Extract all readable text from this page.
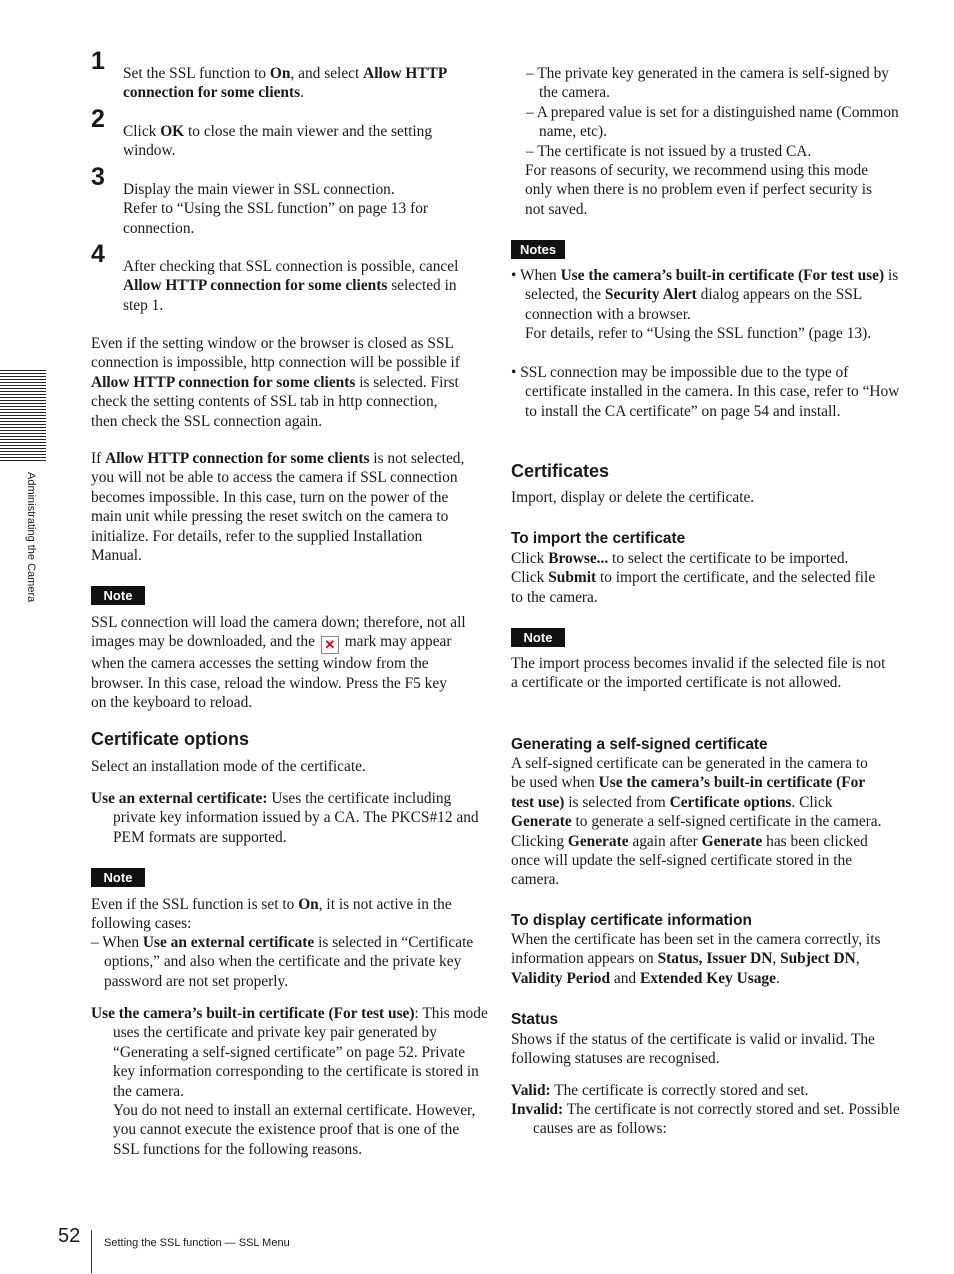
Administrating the Camera
1 Set the SSL function to On, and select Allow HTTP connection for some clients.
2 Click OK to close the main viewer and the setting window.
3 Display the main viewer in SSL connection.
Refer to “Using the SSL function” on page 13 for connection.
4 After checking that SSL connection is possible, cancel Allow HTTP connection for some clients selected in step 1.
Even if the setting window or the browser is closed as SSL connection is impossible, http connection will be possible if Allow HTTP connection for some clients is selected. First check the setting contents of SSL tab in http connection, then check the SSL connection again.
If Allow HTTP connection for some clients is not selected, you will not be able to access the camera if SSL connection becomes impossible. In this case, turn on the power of the main unit while pressing the reset switch on the camera to initialize. For details, refer to the supplied Installation Manual.
Note
SSL connection will load the camera down; therefore, not all images may be downloaded, and the ✕ mark may appear when the camera accesses the setting window from the browser. In this case, reload the window. Press the F5 key on the keyboard to reload.
Certificate options
Select an installation mode of the certificate.
Use an external certificate: Uses the certificate including private key information issued by a CA. The PKCS#12 and PEM formats are supported.
Note
Even if the SSL function is set to On, it is not active in the following cases:
– When Use an external certificate is selected in “Certificate options,” and also when the certificate and the private key password are not set properly.
Use the camera’s built-in certificate (For test use): This mode uses the certificate and private key pair generated by “Generating a self-signed certificate” on page 52. Private key information corresponding to the certificate is stored in the camera.
You do not need to install an external certificate. However, you cannot execute the existence proof that is one of the SSL functions for the following reasons.
– The private key generated in the camera is self-signed by the camera.
– A prepared value is set for a distinguished name (Common name, etc).
– The certificate is not issued by a trusted CA.
For reasons of security, we recommend using this mode only when there is no problem even if perfect security is not saved.
Notes
• When Use the camera’s built-in certificate (For test use) is selected, the Security Alert dialog appears on the SSL connection with a browser.
For details, refer to “Using the SSL function” (page 13).
• SSL connection may be impossible due to the type of certificate installed in the camera. In this case, refer to “How to install the CA certificate” on page 54 and install.
Certificates
Import, display or delete the certificate.
To import the certificate
Click Browse... to select the certificate to be imported.
Click Submit to import the certificate, and the selected file to the camera.
Note
The import process becomes invalid if the selected file is not a certificate or the imported certificate is not allowed.
Generating a self-signed certificate
A self-signed certificate can be generated in the camera to be used when Use the camera’s built-in certificate (For test use) is selected from Certificate options. Click Generate to generate a self-signed certificate in the camera. Clicking Generate again after Generate has been clicked once will update the self-signed certificate stored in the camera.
To display certificate information
When the certificate has been set in the camera correctly, its information appears on Status, Issuer DN, Subject DN, Validity Period and Extended Key Usage.
Status
Shows if the status of the certificate is valid or invalid. The following statuses are recognised.
Valid: The certificate is correctly stored and set.
Invalid: The certificate is not correctly stored and set. Possible causes are as follows:
52 Setting the SSL function — SSL Menu
